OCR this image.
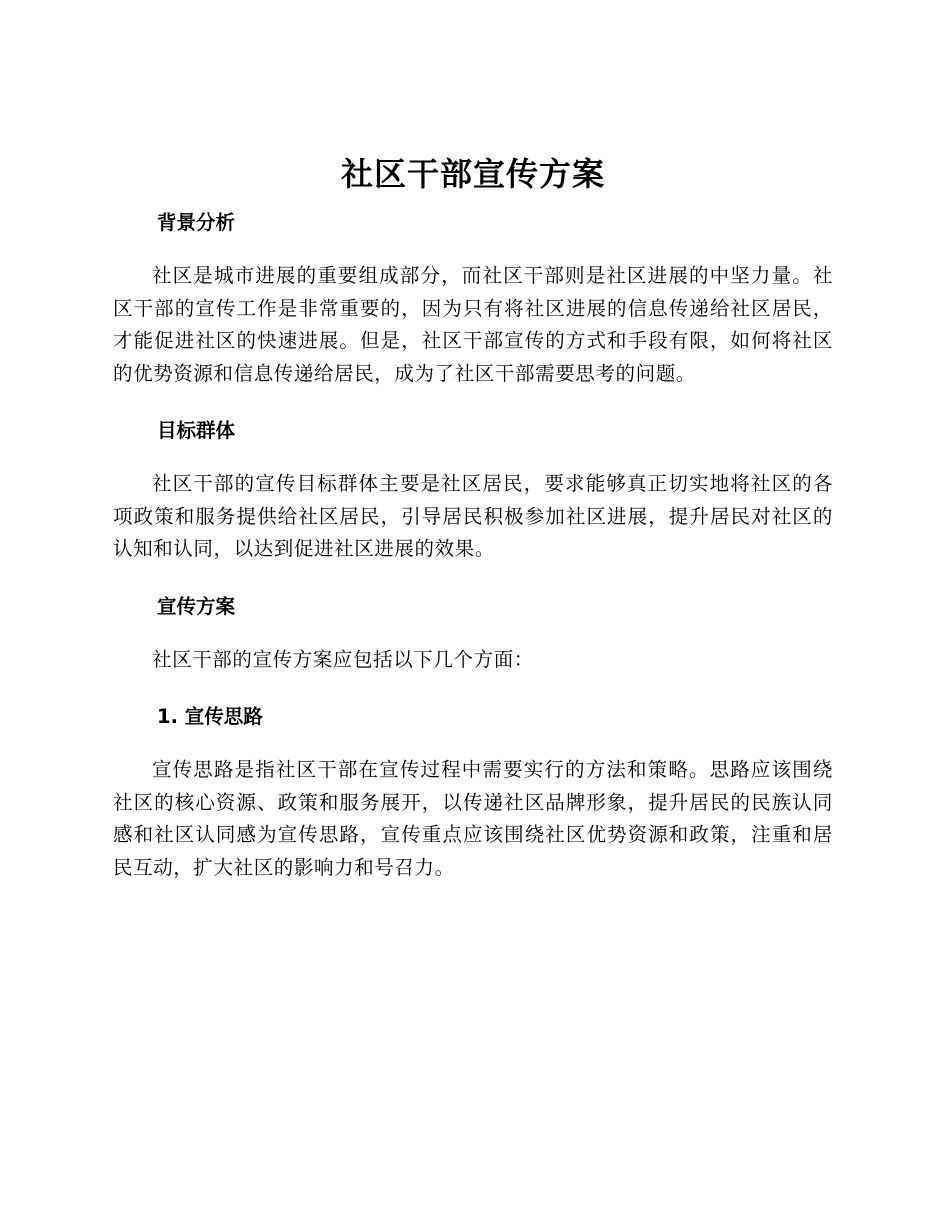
社区干部宣传方案
背景分析

社区是城市进展的重要组成部分，而社区干部则是社区进展的中坚力量。社区干部的宣传工作是非常重要的，因为只有将社区进展的信息传递给社区居民，才能促进社区的快速进展。但是，社区干部宣传的方式和手段有限，如何将社区的优势资源和信息传递给居民，成为了社区干部需要思考的问题。

目标群体

社区干部的宣传目标群体主要是社区居民，要求能够真正切实地将社区的各项政策和服务提供给社区居民，引导居民积极参加社区进展，提升居民对社区的认知和认同，以达到促进社区进展的效果。

宣传方案

社区干部的宣传方案应包括以下几个方面：

1. 宣传思路

宣传思路是指社区干部在宣传过程中需要实行的方法和策略。思路应该围绕社区的核心资源、政策和服务展开，以传递社区品牌形象，提升居民的民族认同感和社区认同感为宣传思路，宣传重点应该围绕社区优势资源和政策，注重和居民互动，扩大社区的影响力和号召力。
